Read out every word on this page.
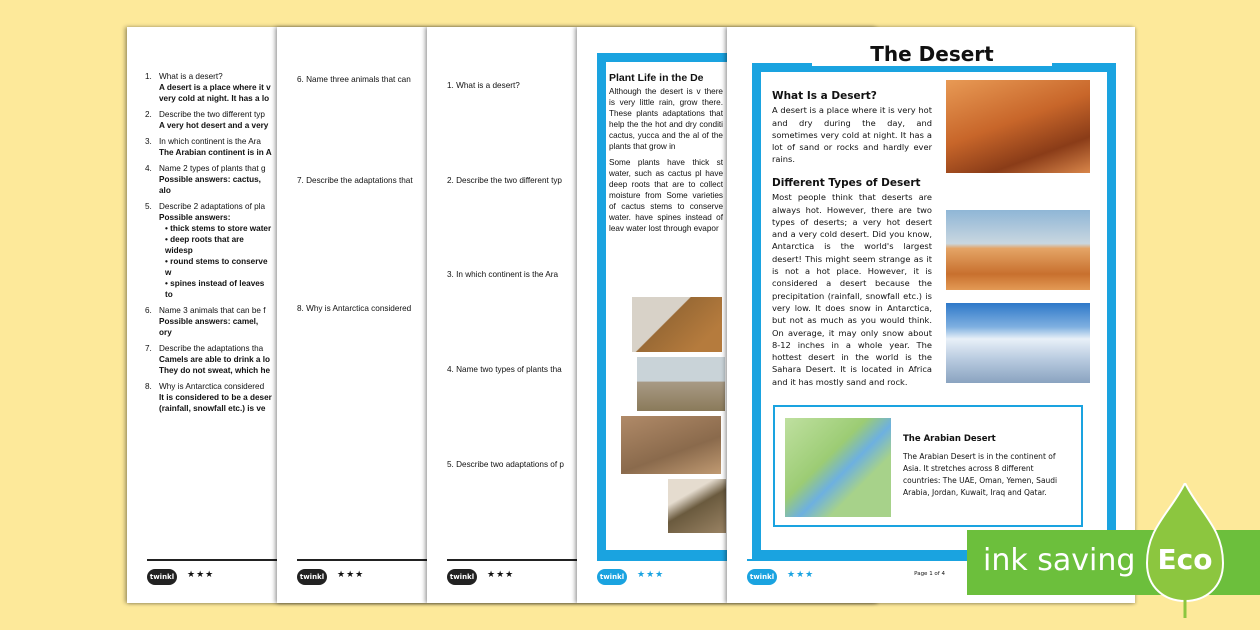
1. What is a desert?
A desert is a place where it v
very cold at night. It has a lo
2. Describe the two different typ
A very hot desert and a very
3. In which continent is the Ara
The Arabian continent is in A
4. Name 2 types of plants that g
Possible answers: cactus, alo
5. Describe 2 adaptations of pla
Possible answers:
• thick stems to store water
• deep roots that are widesp
• round stems to conserve w
• spines instead of leaves to
6. Name 3 animals that can be f
Possible answers: camel, ory
7. Describe the adaptations tha
Camels are able to drink a lo
They do not sweat, which he
8. Why is Antarctica considered
It is considered to be a deser
(rainfall, snowfall etc.) is ve
twinkl	★★★
6. Name three animals that can
7. Describe the adaptations that
8. Why is Antarctica considered
twinkl	★★★
1. What is a desert?
2. Describe the two different typ
3. In which continent is the Ara
4. Name two types of plants tha
5. Describe two adaptations of p
twinkl	★★★
Plant Life in the De

Although the desert is v there is very little rain, grow there. These plants adaptations that help the the hot and dry conditi cactus, yucca and the al of the plants that grow in

Some plants have thick st water, such as cactus pl have deep roots that are to collect moisture from Some varieties of cactus stems to conserve water. have spines instead of leav water lost through evapor

twinkl	★★★
The Desert
What Is a Desert?

A desert is a place where it is very hot and dry during the day, and sometimes very cold at night. It has a lot of sand or rocks and hardly ever rains.

Different Types of Desert

Most people think that deserts are always hot. However, there are two types of deserts; a very hot desert and a very cold desert. Did you know, Antarctica is the world's largest desert! This might seem strange as it is not a hot place. However, it is considered a desert because the precipitation (rainfall, snowfall etc.) is very low. It does snow in Antarctica, but not as much as you would think. On average, it may only snow about 8-12 inches in a whole year. The hottest desert in the world is the Sahara Desert. It is located in Africa and it has mostly sand and rock.

The Arabian Desert

The Arabian Desert is in the continent of Asia. It stretches across 8 different countries: The UAE, Oman, Yemen, Saudi Arabia, Jordan, Kuwait, Iraq and Qatar.

twinkl	★★★	Page 1 of 4 ink saving Eco
